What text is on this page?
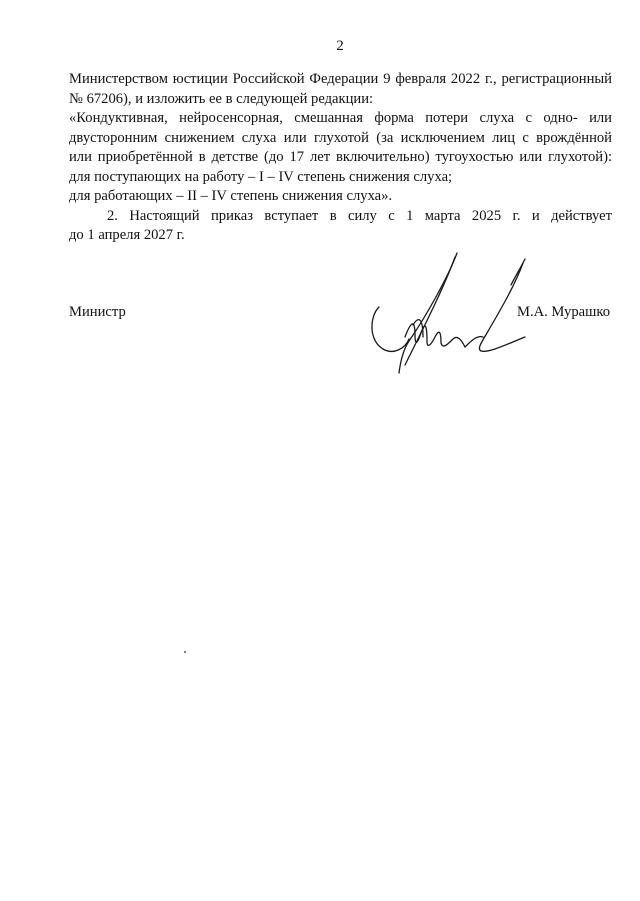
2
Министерством юстиции Российской Федерации 9 февраля 2022 г., регистрационный
№ 67206), и изложить ее в следующей редакции:
«Кондуктивная, нейросенсорная, смешанная форма потери слуха с одно- или
двусторонним снижением слуха или глухотой (за исключением лиц с врождённой
или приобретённой в детстве (до 17 лет включительно) тугоухостью или глухотой):
для поступающих на работу – I – IV степень снижения слуха;
для работающих – II – IV степень снижения слуха».
2. Настоящий приказ вступает в силу с 1 марта 2025 г. и действует
до 1 апреля 2027 г.
Министр	М.А. Мурашко
